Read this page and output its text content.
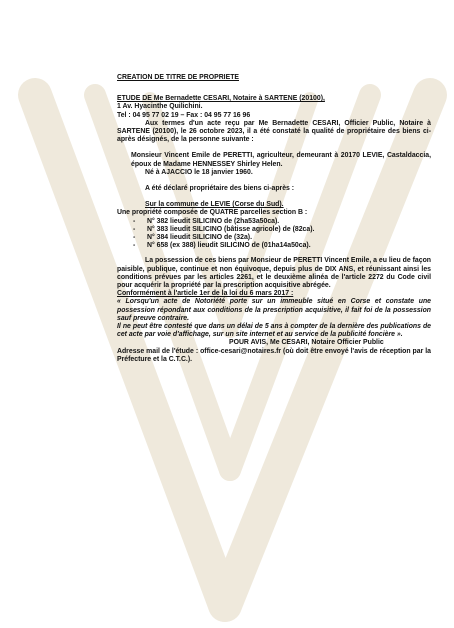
CREATION DE TITRE DE PROPRIETE

ETUDE DE Me Bernadette CESARI, Notaire à SARTENE (20100),

1 Av. Hyacinthe Quilichini.

Tel : 04 95 77 02 19 – Fax : 04 95 77 16 96

Aux termes d'un acte reçu par Me Bernadette CESARI, Officier Public, Notaire à SARTENE (20100), le 26 octobre 2023, il a été constaté la qualité de propriétaire des biens ci-après désignés, de la personne suivante :

Monsieur Vincent Emile de PERETTI, agriculteur, demeurant à 20170 LEVIE, Castaldaccia, époux de Madame HENNESSEY Shirley Helen.

Né à AJACCIO le 18 janvier 1960.

A été déclaré propriétaire des biens ci-après :

Sur la commune de LEVIE (Corse du Sud).

Une propriété composée de QUATRE parcelles section B :

- N° 382 lieudit SILICINO de (2ha53a50ca).
- N° 383 lieudit SILICINO (bâtisse agricole) de (82ca).
- N° 384 lieudit SILICINO de (32a).
- N° 658 (ex 388) lieudit SILICINO de (01ha14a50ca).

La possession de ces biens par Monsieur de PERETTI Vincent Emile, a eu lieu de façon paisible, publique, continue et non équivoque, depuis plus de DIX ANS, et réunissant ainsi les conditions prévues par les articles 2261, et le deuxième alinéa de l'article 2272 du Code civil pour acquérir la propriété par la prescription acquisitive abrégée.

Conformément à l'article 1er de la loi du 6 mars 2017 :

« Lorsqu'un acte de Notoriété porte sur un immeuble situé en Corse et constate une possession répondant aux conditions de la prescription acquisitive, il fait foi de la possession sauf preuve contraire.

Il ne peut être contesté que dans un délai de 5 ans à compter de la dernière des publications de cet acte par voie d'affichage, sur un site internet et au service de la publicité foncière ».

POUR AVIS, Me CESARI, Notaire Officier Public

Adresse mail de l'étude : office-cesari@notaires.fr (où doit être envoyé l'avis de réception par la Préfecture et la C.T.C.).
